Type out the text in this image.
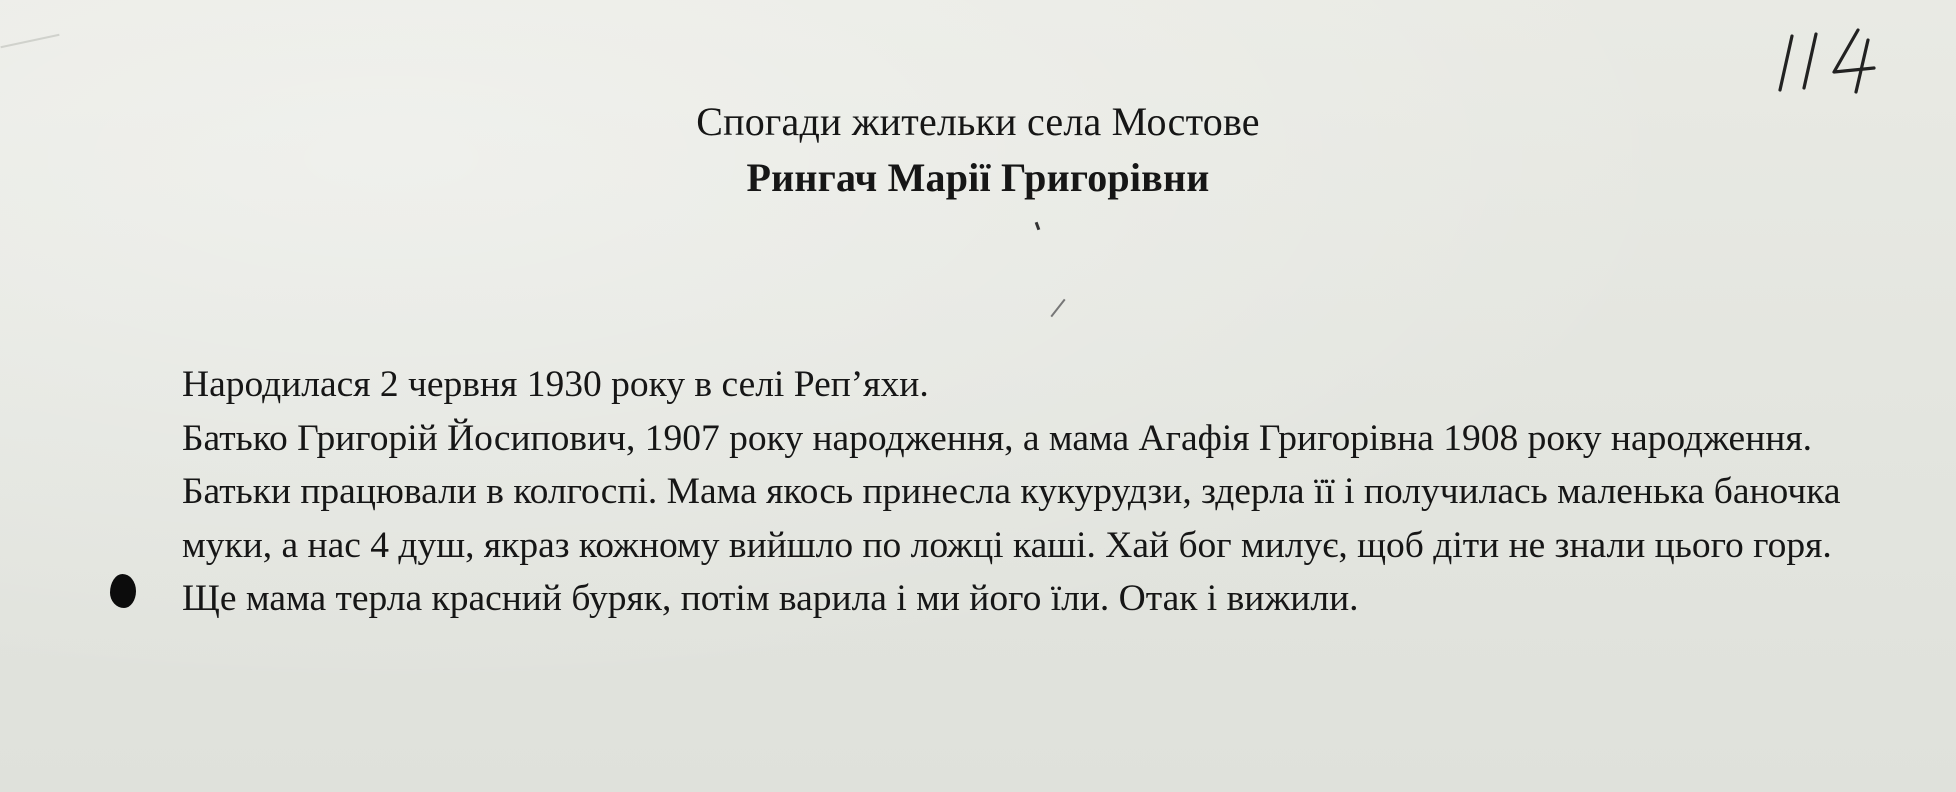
114
Спогади жительки села Мостове
Рингач Марії Григорівни

Народилася 2 червня 1930 року в селі Реп’яхи.

Батько Григорій Йосипович, 1907 року народження, а мама Агафія Григорівна 1908 року народження.

Батьки працювали в колгоспі. Мама якось принесла кукурудзи, здерла її і получилась маленька баночка муки, а нас 4 душ, якраз кожному вийшло по ложці каші. Хай бог милує, щоб діти не знали цього горя. Ще мама терла красний буряк, потім варила і ми його їли. Отак і вижили.
